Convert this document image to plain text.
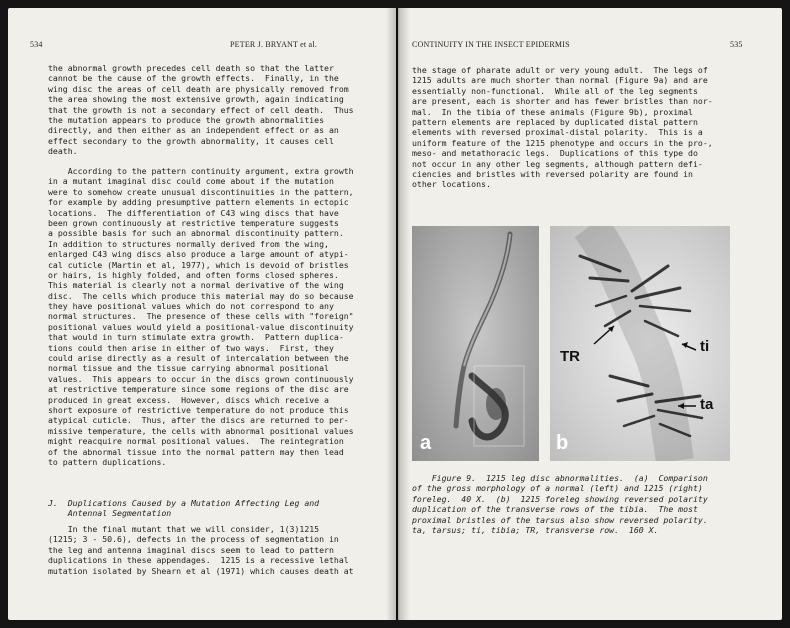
534	PETER J. BRYANT et al.
the abnormal growth precedes cell death so that the latter
cannot be the cause of the growth effects.  Finally, in the
wing disc the areas of cell death are physically removed from
the area showing the most extensive growth, again indicating
that the growth is not a secondary effect of cell death.  Thus
the mutation appears to produce the growth abnormalities
directly, and then either as an independent effect or as an
effect secondary to the growth abnormality, it causes cell
death.
According to the pattern continuity argument, extra growth
in a mutant imaginal disc could come about if the mutation
were to somehow create unusual discontinuities in the pattern,
for example by adding presumptive pattern elements in ectopic
locations.  The differentiation of C43 wing discs that have
been grown continuously at restrictive temperature suggests
a possible basis for such an abnormal discontinuity pattern.
In addition to structures normally derived from the wing,
enlarged C43 wing discs also produce a large amount of atypi-
cal cuticle (Martin et al, 1977), which is devoid of bristles
or hairs, is highly folded, and often forms closed spheres.
This material is clearly not a normal derivative of the wing
disc.  The cells which produce this material may do so because
they have positional values which do not correspond to any
normal structures.  The presence of these cells with "foreign"
positional values would yield a positional-value discontinuity
that would in turn stimulate extra growth.  Pattern duplica-
tions could then arise in either of two ways.  First, they
could arise directly as a result of intercalation between the
normal tissue and the tissue carrying abnormal positional
values.  This appears to occur in the discs grown continuously
at restrictive temperature since some regions of the disc are
produced in great excess.  However, discs which receive a
short exposure of restrictive temperature do not produce this
atypical cuticle.  Thus, after the discs are returned to per-
missive temperature, the cells with abnormal positional values
might reacquire normal positional values.  The reintegration
of the abnormal tissue into the normal pattern may then lead
to pattern duplications.
J.  Duplications Caused by a Mutation Affecting Leg and
Antennal Segmentation
In the final mutant that we will consider, 1(3)1215
(1215; 3 - 50.6), defects in the process of segmentation in
the leg and antenna imaginal discs seem to lead to pattern
duplications in these appendages.  1215 is a recessive lethal
mutation isolated by Shearn et al (1971) which causes death at
CONTINUITY IN THE INSECT EPIDERMIS	535
the stage of pharate adult or very young adult.  The legs of
1215 adults are much shorter than normal (Figure 9a) and are
essentially non-functional.  While all of the leg segments
are present, each is shorter and has fewer bristles than nor-
mal.  In the tibia of these animals (Figure 9b), proximal
pattern elements are replaced by duplicated distal pattern
elements with reversed proximal-distal polarity.  This is a
uniform feature of the 1215 phenotype and occurs in the pro-,
meso- and metathoracic legs.  Duplications of this type do
not occur in any other leg segments, although pattern defi-
ciencies and bristles with reversed polarity are found in
other locations.
a
TR
ti
ta
b
Figure 9.  1215 leg disc abnormalities.  (a)  Comparison
of the gross morphology of a normal (left) and 1215 (right)
foreleg.  40 X.  (b)  1215 foreleg showing reversed polarity
duplication of the transverse rows of the tibia.  The most
proximal bristles of the tarsus also show reversed polarity.
ta, tarsus; ti, tibia; TR, transverse row.  160 X.
